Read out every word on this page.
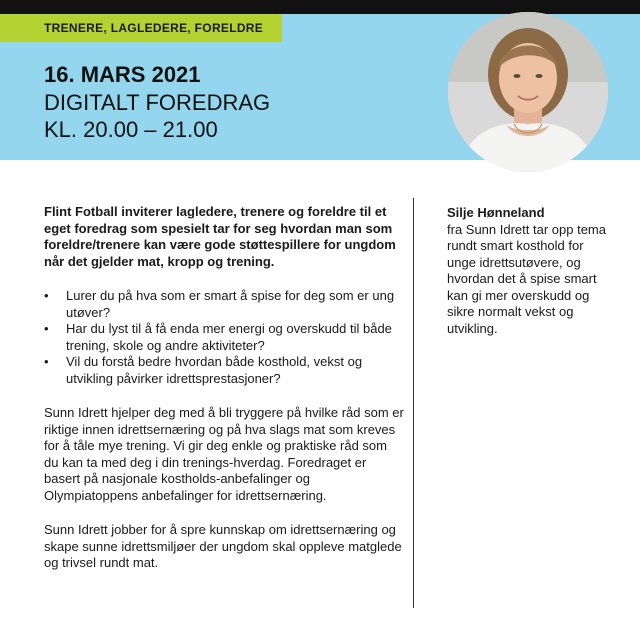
TRENERE, LAGLEDERE, FORELDRE
16. MARS 2021
DIGITALT FOREDRAG
KL. 20.00 – 21.00

Flint Fotball inviterer lagledere, trenere og foreldre til et eget foredrag som spesielt tar for seg hvordan man som foreldre/trenere kan være gode støttespillere for ungdom når det gjelder mat, kropp og trening.

• Lurer du på hva som er smart å spise for deg som er ung utøver?
• Har du lyst til å få enda mer energi og overskudd til både trening, skole og andre aktiviteter?
• Vil du forstå bedre hvordan både kosthold, vekst og utvikling påvirker idrettsprestasjoner?

Sunn Idrett hjelper deg med å bli tryggere på hvilke råd som er riktige innen idrettsernæring og på hva slags mat som kreves for å tåle mye trening. Vi gir deg enkle og praktiske råd som du kan ta med deg i din trenings-hverdag. Foredraget er basert på nasjonale kostholds-anbefalinger og Olympiatoppens anbefalinger for idrettsernæring.

Sunn Idrett jobber for å spre kunnskap om idrettsernæring og skape sunne idrettsmiljøer der ungdom skal oppleve matglede og trivsel rundt mat.

Silje Hønneland
fra Sunn Idrett tar opp tema rundt smart kosthold for unge idrettsutøvere, og hvordan det å spise smart kan gi mer overskudd og sikre normalt vekst og utvikling.
